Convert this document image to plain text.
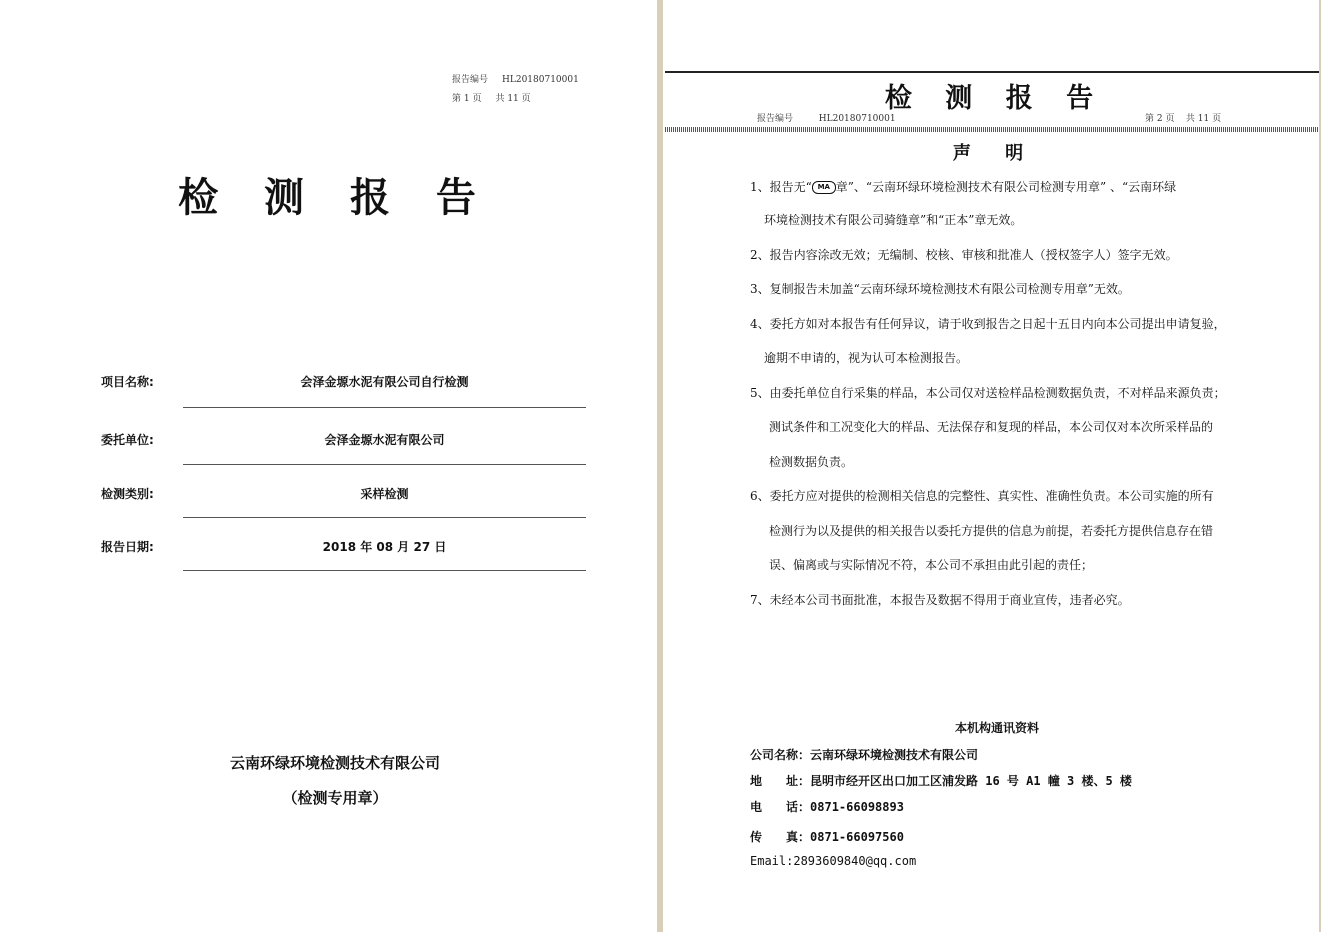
报告编号 HL20180710001
第 1 页 共 11 页
检 测 报 告
项目名称:	会泽金塬水泥有限公司自行检测
委托单位:	会泽金塬水泥有限公司
检测类别:	采样检测
报告日期:	2018 年 08 月 27 日
云南环绿环境检测技术有限公司
（检测专用章）
检 测 报 告
报告编号	HL20180710001	第 2 页 共 11 页
声 明
1、报告无“ MA 章”、“云南环绿环境检测技术有限公司检测专用章” 、“云南环绿
环境检测技术有限公司骑缝章”和“正本”章无效。
2、报告内容涂改无效；无编制、校核、审核和批准人（授权签字人）签字无效。
3、复制报告未加盖“云南环绿环境检测技术有限公司检测专用章”无效。
4、委托方如对本报告有任何异议，请于收到报告之日起十五日内向本公司提出申请复验，
逾期不申请的，视为认可本检测报告。
5、由委托单位自行采集的样品，本公司仅对送检样品检测数据负责，不对样品来源负责；
测试条件和工况变化大的样品、无法保存和复现的样品，本公司仅对本次所采样品的
检测数据负责。
6、委托方应对提供的检测相关信息的完整性、真实性、准确性负责。本公司实施的所有
检测行为以及提供的相关报告以委托方提供的信息为前提，若委托方提供信息存在错
误、偏离或与实际情况不符，本公司不承担由此引起的责任；
7、未经本公司书面批准，本报告及数据不得用于商业宣传，违者必究。
本机构通讯资料
公司名称：云南环绿环境检测技术有限公司
地　　址：昆明市经开区出口加工区浦发路 16 号 A1 幢 3 楼、5 楼
电　　话：0871-66098893
传　　真：0871-66097560
Email:2893609840@qq.com
